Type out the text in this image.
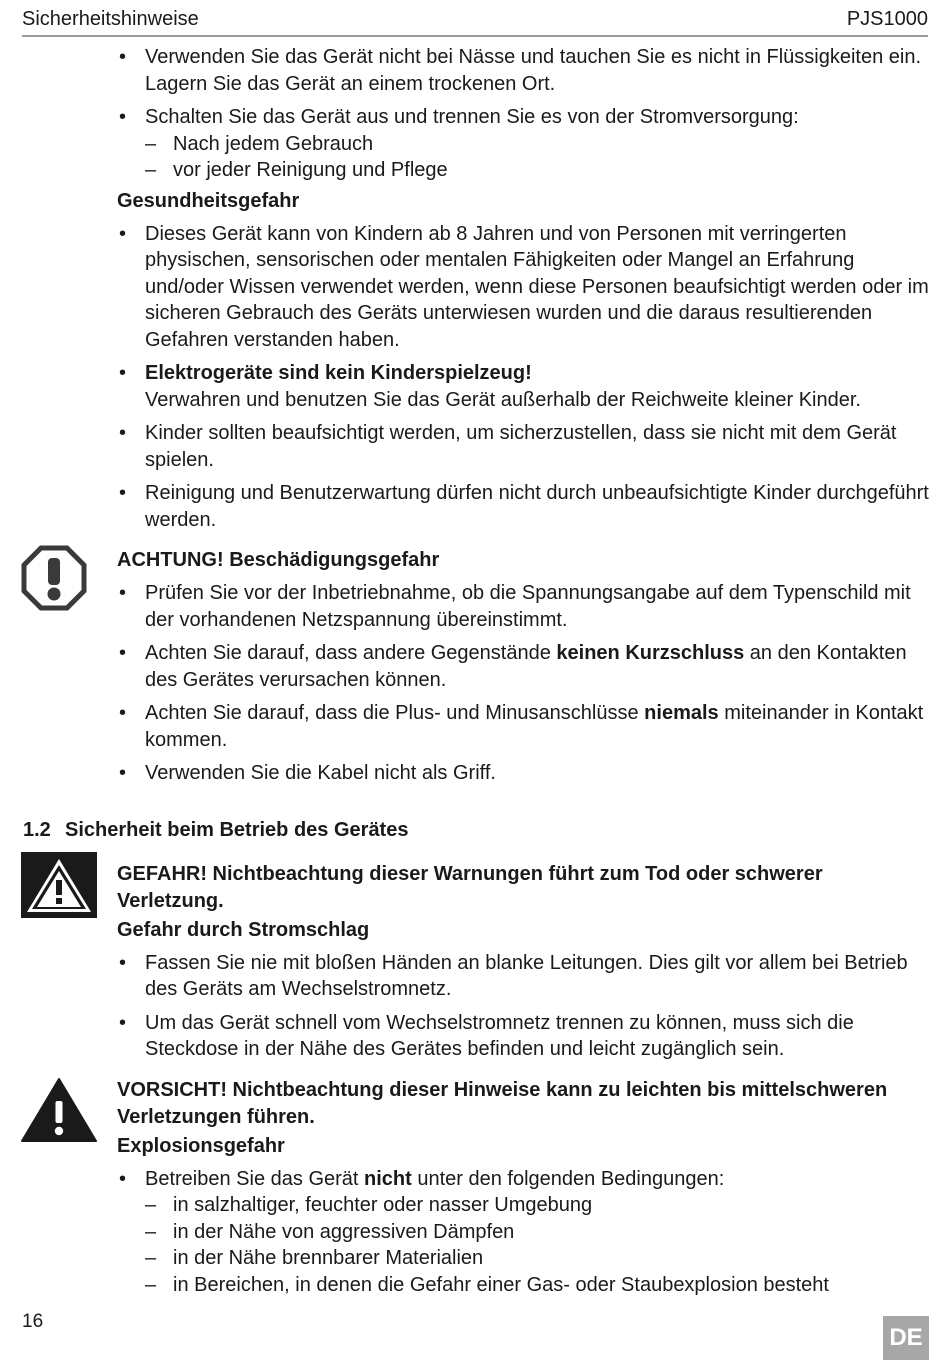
Sicherheitshinweise	PJS1000
• Verwenden Sie das Gerät nicht bei Nässe und tauchen Sie es nicht in Flüssigkeiten ein. Lagern Sie das Gerät an einem trockenen Ort.
• Schalten Sie das Gerät aus und trennen Sie es von der Stromversorgung:
– Nach jedem Gebrauch
– vor jeder Reinigung und Pflege
Gesundheitsgefahr
• Dieses Gerät kann von Kindern ab 8 Jahren und von Personen mit verringerten physischen, sensorischen oder mentalen Fähigkeiten oder Mangel an Erfahrung und/oder Wissen verwendet werden, wenn diese Personen beaufsichtigt werden oder im sicheren Gebrauch des Geräts unterwiesen wurden und die daraus resultierenden Gefahren verstanden haben.
• Elektrogeräte sind kein Kinderspielzeug!
Verwahren und benutzen Sie das Gerät außerhalb der Reichweite kleiner Kinder.
• Kinder sollten beaufsichtigt werden, um sicherzustellen, dass sie nicht mit dem Gerät spielen.
• Reinigung und Benutzerwartung dürfen nicht durch unbeaufsichtigte Kinder durchgeführt werden.
ACHTUNG! Beschädigungsgefahr
• Prüfen Sie vor der Inbetriebnahme, ob die Spannungsangabe auf dem Typenschild mit der vorhandenen Netzspannung übereinstimmt.
• Achten Sie darauf, dass andere Gegenstände keinen Kurzschluss an den Kontakten des Gerätes verursachen können.
• Achten Sie darauf, dass die Plus- und Minusanschlüsse niemals miteinander in Kontakt kommen.
• Verwenden Sie die Kabel nicht als Griff.
1.2 Sicherheit beim Betrieb des Gerätes
GEFAHR! Nichtbeachtung dieser Warnungen führt zum Tod oder schwerer Verletzung.
Gefahr durch Stromschlag
• Fassen Sie nie mit bloßen Händen an blanke Leitungen. Dies gilt vor allem bei Betrieb des Geräts am Wechselstromnetz.
• Um das Gerät schnell vom Wechselstromnetz trennen zu können, muss sich die Steckdose in der Nähe des Gerätes befinden und leicht zugänglich sein.
VORSICHT! Nichtbeachtung dieser Hinweise kann zu leichten bis mittelschweren Verletzungen führen.
Explosionsgefahr
• Betreiben Sie das Gerät nicht unter den folgenden Bedingungen:
– in salzhaltiger, feuchter oder nasser Umgebung
– in der Nähe von aggressiven Dämpfen
– in der Nähe brennbarer Materialien
– in Bereichen, in denen die Gefahr einer Gas- oder Staubexplosion besteht
16
DE
